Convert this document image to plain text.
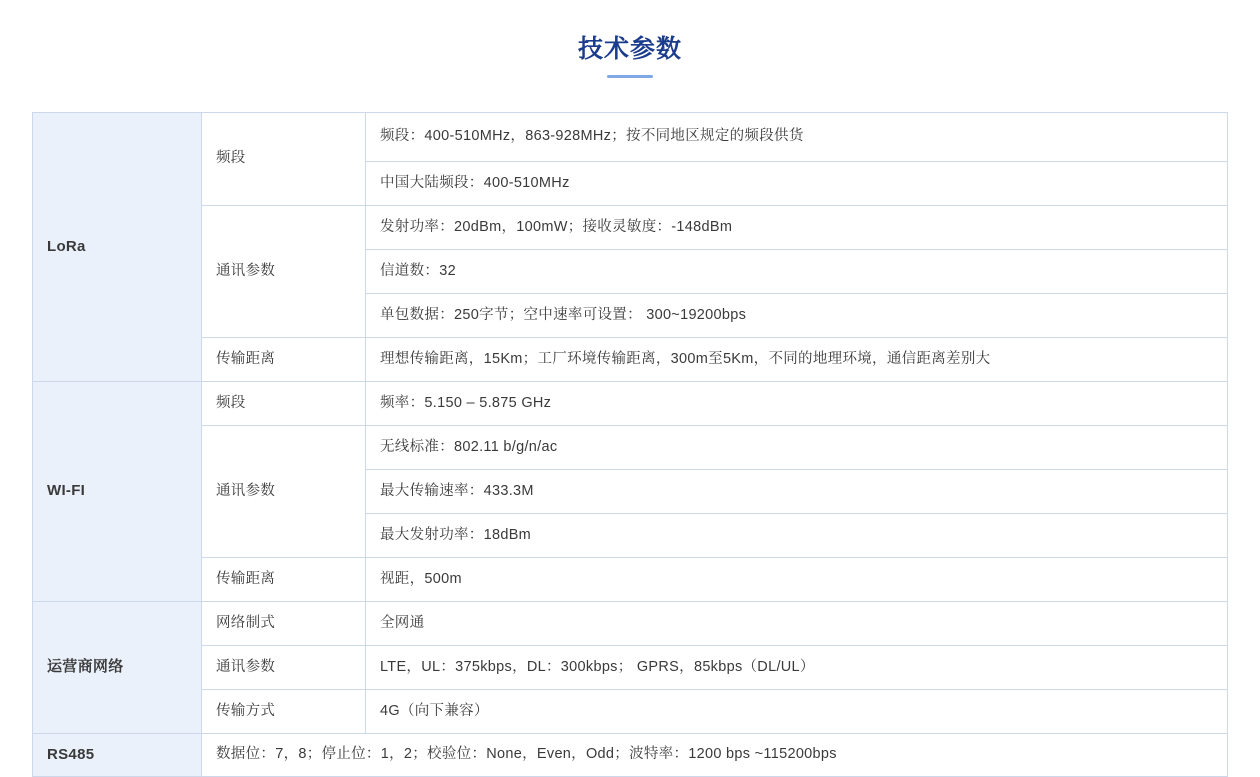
技术参数
LoRa	频段	频段：400-510MHz，863-928MHz；按不同地区规定的频段供货
		中国大陆频段：400-510MHz
	通讯参数	发射功率：20dBm，100mW；接收灵敏度：-148dBm
		信道数：32
		单包数据：250字节；空中速率可设置： 300~19200bps
	传输距离	理想传输距离，15Km；工厂环境传输距离，300m至5Km，不同的地理环境，通信距离差别大
WI-FI	频段	频率：5.150 – 5.875 GHz
	通讯参数	无线标准：802.11 b/g/n/ac
		最大传输速率：433.3M
		最大发射功率：18dBm
	传输距离	视距，500m
运营商网络	网络制式	全网通
	通讯参数	LTE，UL：375kbps，DL：300kbps； GPRS，85kbps（DL/UL）
	传输方式	4G（向下兼容）
RS485	数据位：7，8；停止位：1，2；校验位：None，Even，Odd；波特率：1200 bps ~115200bps	
